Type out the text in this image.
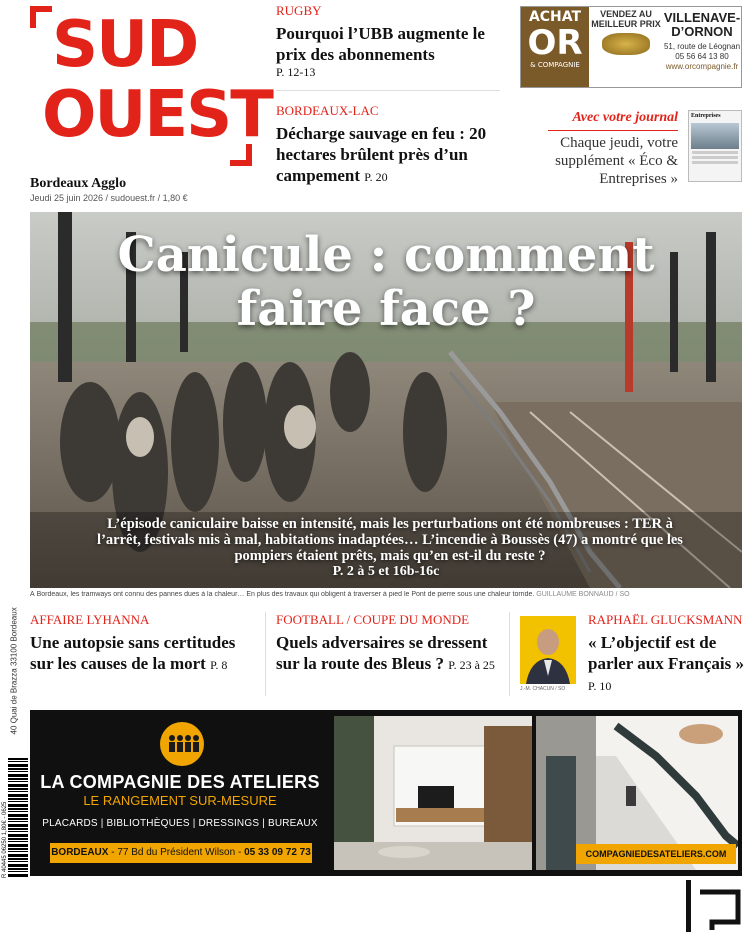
SUD
OUEST
Bordeaux Agglo
Jeudi 25 juin 2026 / sudouest.fr / 1,80 €
RUGBY
Pourquoi l’UBB augmente le prix des abonnements
P. 12-13
BORDEAUX-LAC
Décharge sauvage en feu : 20 hectares brûlent près d’un campement P. 20
ACHAT
OR
& COMPAGNIE
VENDEZ AU MEILLEUR PRIX VILLENAVE-D’ORNON
51, route de Léognan
05 56 64 13 80
www.orcompagnie.fr
Avec votre journal
Chaque jeudi, votre supplément « Éco & Entreprises »
Entreprises
Canicule : comment
faire face ?
L’épisode caniculaire baisse en intensité, mais les perturbations ont été nombreuses : TER à l’arrêt, festivals mis à mal, habitations inadaptées… L’incendie à Boussès (47) a montré que les pompiers étaient prêts, mais qu’en est-il du reste ?
P. 2 à 5 et 16b-16c
À Bordeaux, les tramways ont connu des pannes dues à la chaleur… En plus des travaux qui obligent à traverser à pied le Pont de pierre sous une chaleur torride. GUILLAUME BONNAUD / SO
40 Quai de Brazza 33100 Bordeaux
R 40445 06250 1,80€ - 0625
AFFAIRE LYHANNA
Une autopsie sans certitudes sur les causes de la mort P. 8
FOOTBALL / COUPE DU MONDE
Quels adversaires se dressent sur la route des Bleus ? P. 23 à 25
J.-M. CHACUN / SO
RAPHAËL GLUCKSMANN
« L’objectif est de parler aux Français » P. 10
LA COMPAGNIE DES ATELIERS
LE RANGEMENT SUR-MESURE
PLACARDS | BIBLIOTHÈQUES | DRESSINGS | BUREAUX
BORDEAUX - 77 Bd du Président Wilson - 05 33 09 72 73	COMPAGNIEDESATELIERS.COM
